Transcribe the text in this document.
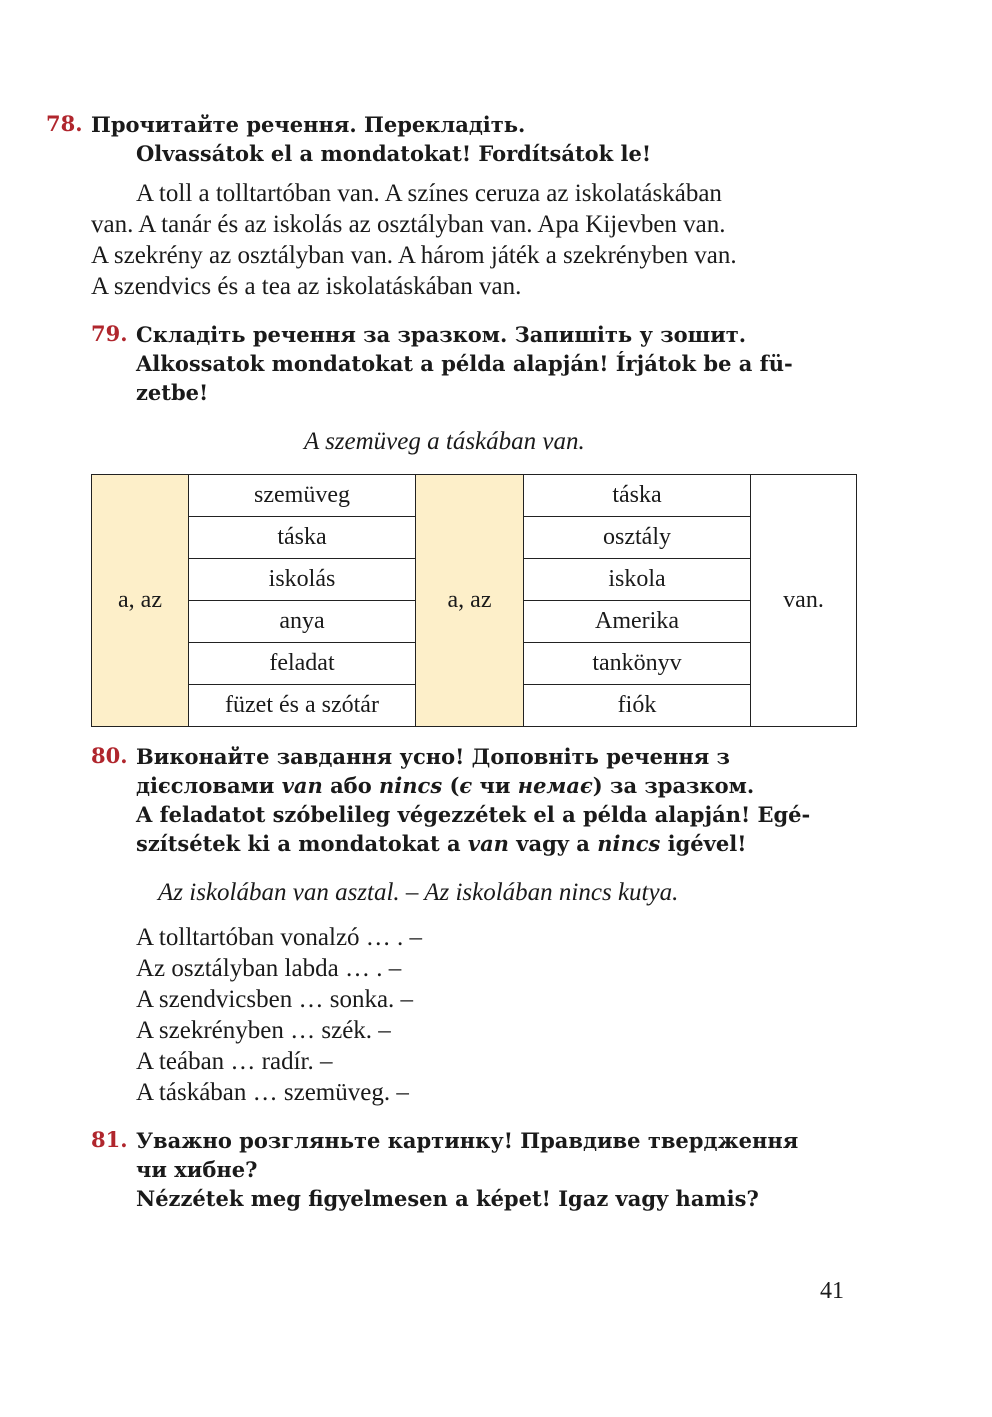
78. Прочитайте речення. Перекладіть.
Olvassátok el a mondatokat! Fordítsátok le!
A toll a tolltartóban van. A színes ceruza az iskolatáskában
van. A tanár és az iskolás az osztályban van. Apa Kijevben van.
A szekrény az osztályban van. A három játék a szekrényben van.
A szendvics és a tea az iskolatáskában van.
79. Складіть речення за зразком. Запишіть у зошит.
Alkossatok mondatokat a példa alapján! Írjátok be a fü-
zetbe!
A szemüveg a táskában van.
a, az	szemüveg	a, az	táska	van.
	táska		osztály	
	iskolás		iskola	
	anya		Amerika	
	feladat		tankönyv	
	füzet és a szótár		fiók	
80. Виконайте завдання усно! Доповніть речення з
дієсловами van або nincs (є чи немає) за зразком.
A feladatot szóbelileg végezzétek el a példa alapján! Egé-
szítsétek ki a mondatokat a van vagy a nincs igével!
Az iskolában van asztal. – Az iskolában nincs kutya.
A tolltartóban vonalzó … . –
Az osztályban labda … . –
A szendvicsben … sonka. –
A szekrényben … szék. –
A teában … radír. –
A táskában … szemüveg. –
81. Уважно розгляньте картинку! Правдиве твердження
чи хибне?
Nézzétek meg figyelmesen a képet! Igaz vagy hamis?
41
